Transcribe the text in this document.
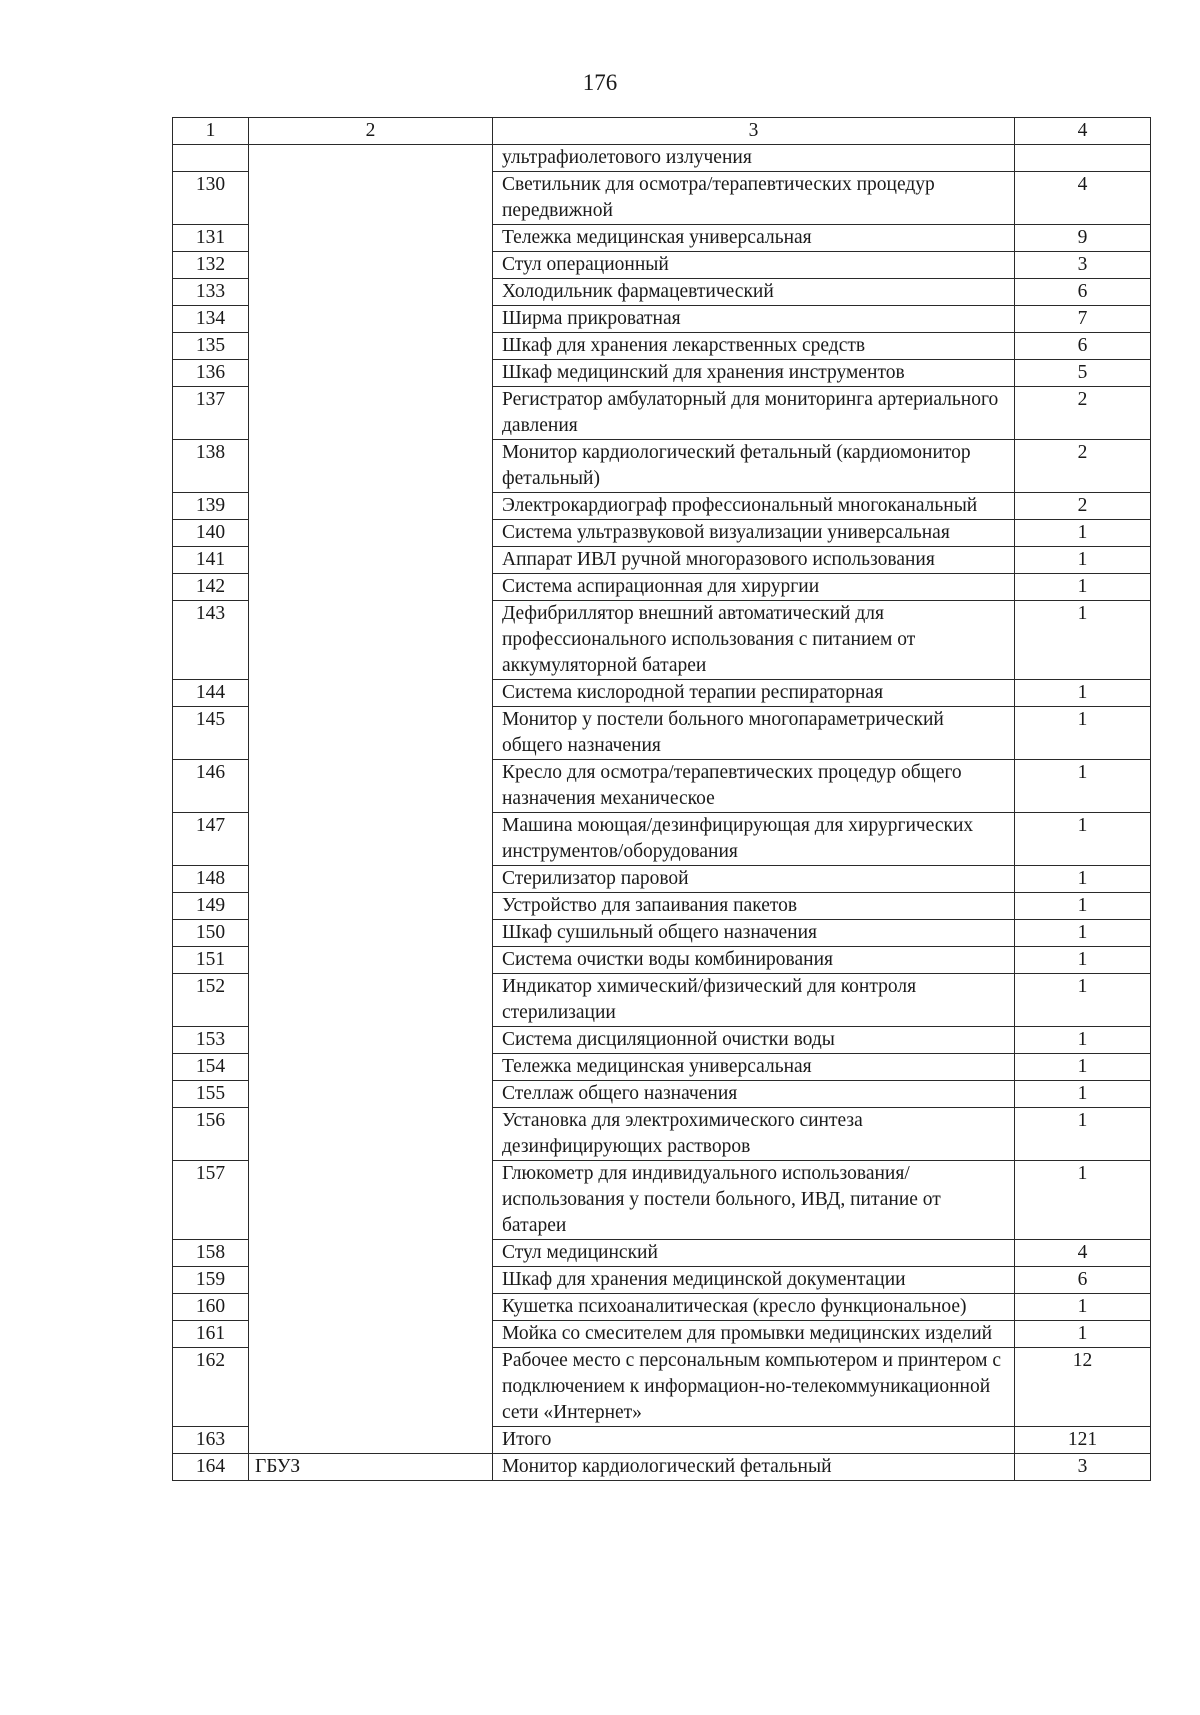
176
1	2	3	4
		ультрафиолетового излучения	
130		Светильник для осмотра/терапевтических процедур передвижной	4
131		Тележка медицинская универсальная	9
132		Стул операционный	3
133		Холодильник фармацевтический	6
134		Ширма прикроватная	7
135		Шкаф для хранения лекарственных средств	6
136		Шкаф медицинский для хранения инструментов	5
137		Регистратор амбулаторный для мониторинга артериального давления	2
138		Монитор кардиологический фетальный (кардиомонитор фетальный)	2
139		Электрокардиограф профессиональный многоканальный	2
140		Система ультразвуковой визуализации универсальная	1
141		Аппарат ИВЛ ручной многоразового использования	1
142		Система аспирационная для хирургии	1
143		Дефибриллятор внешний автоматический для профессионального использования с питанием от аккумуляторной батареи	1
144		Система кислородной терапии респираторная	1
145		Монитор у постели больного многопараметрический общего назначения	1
146		Кресло для осмотра/терапевтических процедур общего назначения механическое	1
147		Машина моющая/дезинфицирующая для хирургических инструментов/оборудования	1
148		Стерилизатор паровой	1
149		Устройство для запаивания пакетов	1
150		Шкаф сушильный общего назначения	1
151		Система очистки воды комбинирования	1
152		Индикатор химический/физический для контроля стерилизации	1
153		Система дисциляционной очистки воды	1
154		Тележка медицинская универсальная	1
155		Стеллаж общего назначения	1
156		Установка для электрохимического синтеза дезинфицирующих растворов	1
157		Глюкометр для индивидуального использования/использования у постели больного, ИВД, питание от батареи	1
158		Стул медицинский	4
159		Шкаф для хранения медицинской документации	6
160		Кушетка психоаналитическая (кресло функциональное)	1
161		Мойка со смесителем для промывки медицинских изделий	1
162		Рабочее место с персональным компьютером и принтером с подключением к информацион-но-телекоммуникационной сети «Интернет»	12
163		Итого	121
164	ГБУЗ	Монитор кардиологический фетальный	3
